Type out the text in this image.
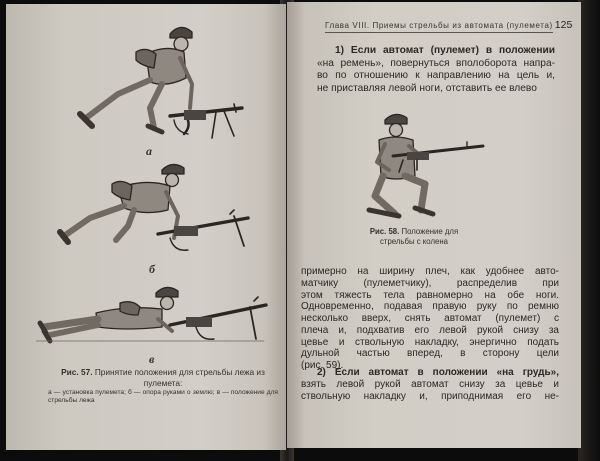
а
б
в
Рис. 57. Принятие положения для стрельбы лежа из пулемета:
а — установка пулемета; б — опора руками о землю; в — положение для стрельбы лежа
Глава VIII. Приемы стрельбы из автомата (пулемета) 125
1) Если автомат (пулемет) в положении
«на ремень», повернуться вполоборота напра-
во по отношению к направлению на цель и,
не приставляя левой ноги, отставить ее влево
Рис. 58. Положение для стрельбы с колена
примерно на ширину плеч, как удобнее авто-
матчику (пулеметчику), распределив при
этом тяжесть тела равномерно на обе ноги.
Одновременно, подавая правую руку по ремню
несколько вверх, снять автомат (пулемет) с
плеча и, подхватив его левой рукой снизу за
цевье и ствольную накладку, энергично подать
дульной частью вперед, в сторону цели
(рис. 59).
2) Если автомат в положении «на грудь»,
взять левой рукой автомат снизу за цевье и
ствольную накладку и, приподнимая его не-
